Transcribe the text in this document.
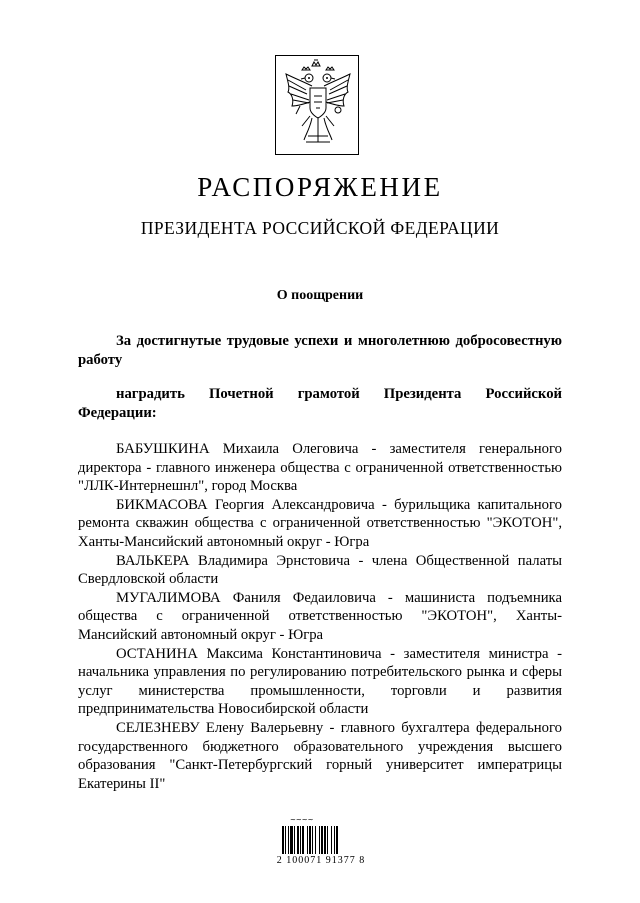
РАСПОРЯЖЕНИЕ
ПРЕЗИДЕНТА РОССИЙСКОЙ ФЕДЕРАЦИИ
О поощрении
За достигнутые трудовые успехи и многолетнюю добросовестную работу
наградить Почетной грамотой Президента Российской Федерации:

БАБУШКИНА Михаила Олеговича - заместителя генерального директора - главного инженера общества с ограниченной ответственностью "ЛЛК-Интернешнл", город Москва

БИКМАСОВА Георгия Александровича - бурильщика капитального ремонта скважин общества с ограниченной ответственностью "ЭКОТОН", Ханты-Мансийский автономный округ - Югра

ВАЛЬКЕРА Владимира Эрнстовича - члена Общественной палаты Свердловской области

МУГАЛИМОВА Фаниля Федаиловича - машиниста подъемника общества с ограниченной ответственностью "ЭКОТОН", Ханты-Мансийский автономный округ - Югра

ОСТАНИНА Максима Константиновича - заместителя министра - начальника управления по регулированию потребительского рынка и сферы услуг министерства промышленности, торговли и развития предпринимательства Новосибирской области

СЕЛЕЗНЕВУ Елену Валерьевну - главного бухгалтера федерального государственного бюджетного образовательного учреждения высшего образования "Санкт-Петербургский горный университет императрицы Екатерины II"

~~~~
2 100071 91377 8
